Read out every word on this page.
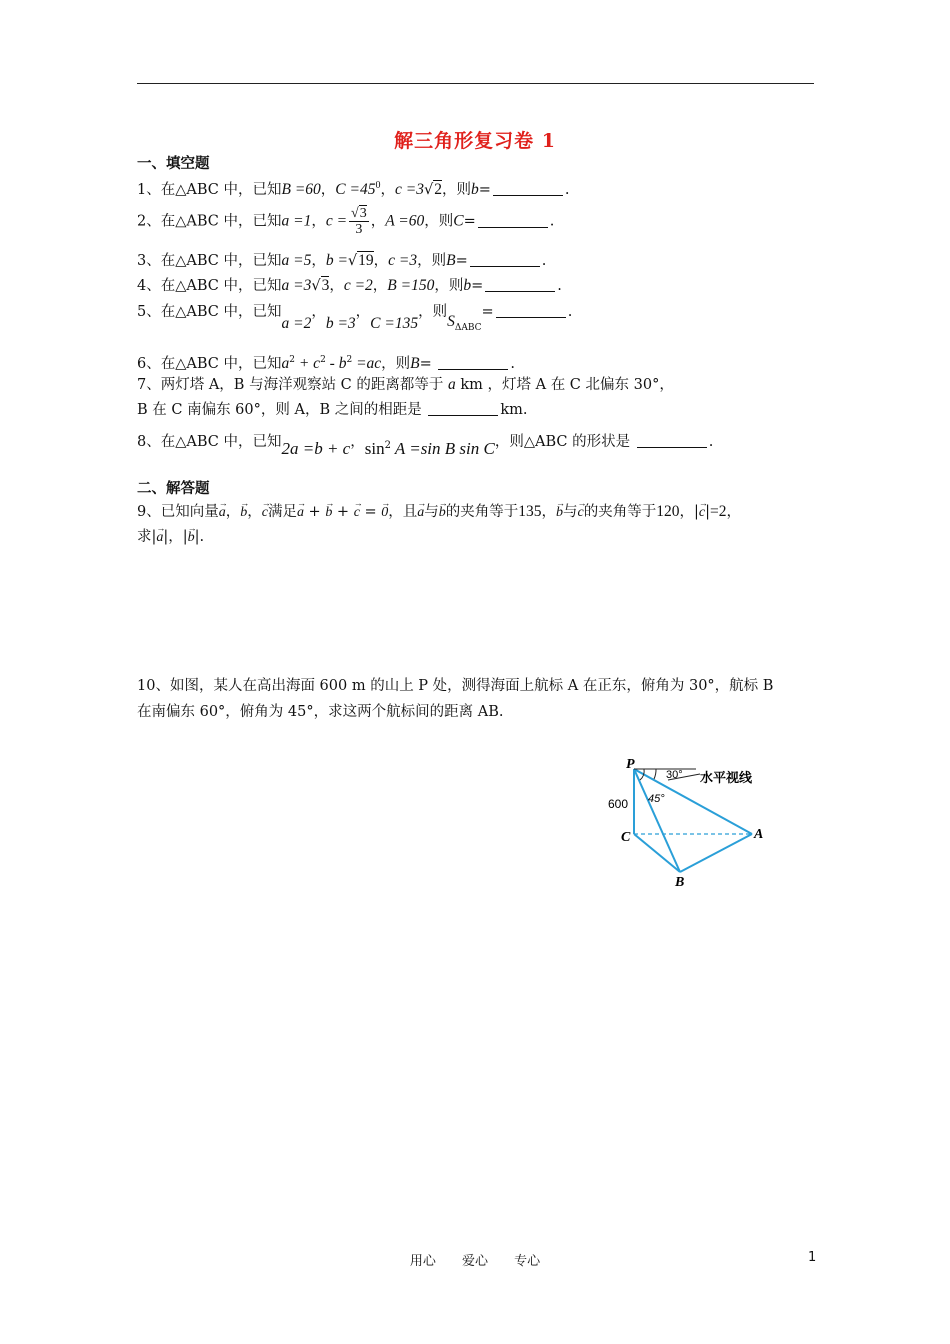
解三角形复习卷 1
一、填空题
1、在△ABC 中，已知B =60，$C =45^0$，c =3√2，则b=	.
2、在△ABC 中，已知a =1，$c = \frac{√3}{3}$ ，A =60，则C=	.
3、在△ABC 中，已知a =5，b =√19，c =3，则B=	.
4、在△ABC 中，已知a =3√3，c =2，B =150，则b=	.
5、在△ABC 中，已知a =2，b =3，C =135，则$S_{\Delta ABC}=$	.
6、在△ABC 中，已知$a^2 + c^2 - b^2 =ac$，则B=	.
7、两灯塔 A，B 与海洋观察站 C 的距离都等于 a km ，灯塔 A 在 C 北偏东 30°，
B 在 C 南偏东 60°，则 A，B 之间的相距是	km.
8、在△ABC 中，已知2a =b + c，$\sin^2 A =\sin$ B sin C，则△ABC 的形状是	.
二、解答题
9、已知向量→ a，→ b，→ c满足→ a + → b + → c = → 0，且→ a与→ b的夹角等于135，→ b与→ c的夹角等于120，|→ c|=2，
求|→ a|，|→ b|.
10、如图，某人在高出海面 600 m 的山上 P 处，测得海面上航标 A 在正东，俯角为 30°，航标 B
在南偏东 60°，俯角为 45°，求这两个航标间的距离 AB.
P
C	A
B
600
30°
45°
水平视线
用心 爱心 专心	1
